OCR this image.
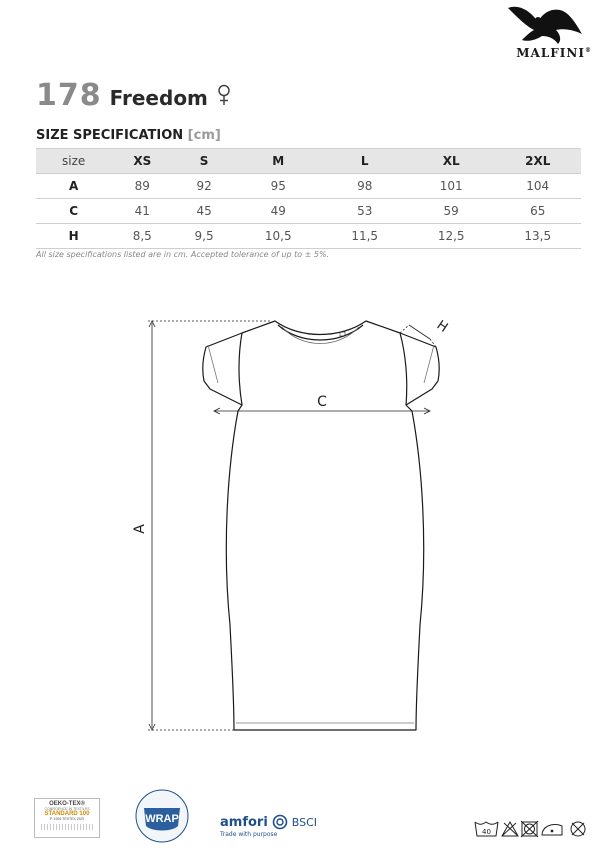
MALFINI®
178 Freedom
SIZE SPECIFICATION [cm]
size	XS	S	M	L	XL	2XL
A	89	92	95	98	101	104
C	41	45	49	53	59	65
H	8,5	9,5	10,5	11,5	12,5	13,5
All size specifications listed are in cm. Accepted tolerance of up to ± 5%.
A
C
H
OEKO-TEX®
CONFIDENCE IN TEXTILES
STANDARD 100
P-1926 TESTEX ZÜR	WRAP	amfori BSCI
Trade with purpose	40
